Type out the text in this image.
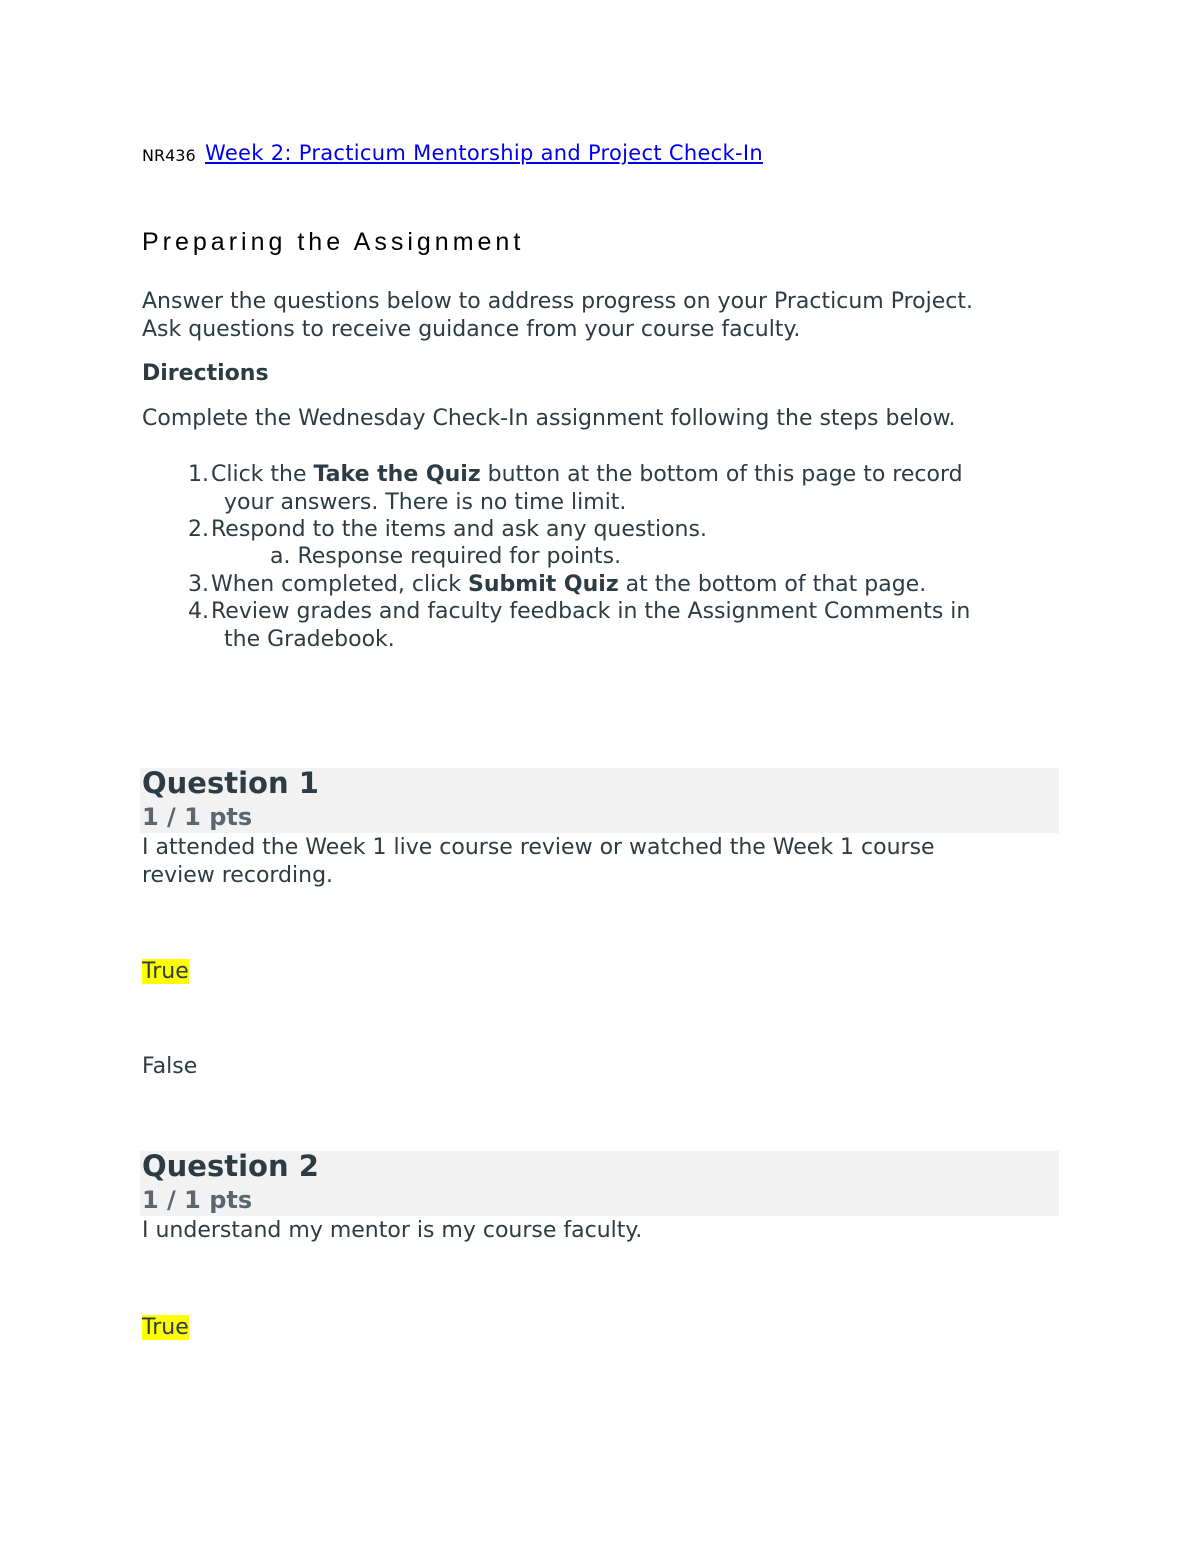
NR436 Week 2: Practicum Mentorship and Project Check-In
Preparing the Assignment
Answer the questions below to address progress on your Practicum Project.
Ask questions to receive guidance from your course faculty.
Directions
Complete the Wednesday Check-In assignment following the steps below.
1.Click the Take the Quiz button at the bottom of this page to record
your answers. There is no time limit.
2.Respond to the items and ask any questions.
a. Response required for points.
3.When completed, click Submit Quiz at the bottom of that page.
4.Review grades and faculty feedback in the Assignment Comments in
the Gradebook.
Question 1
1 / 1 pts
I attended the Week 1 live course review or watched the Week 1 course
review recording.
True
False
Question 2
1 / 1 pts
I understand my mentor is my course faculty.
True
